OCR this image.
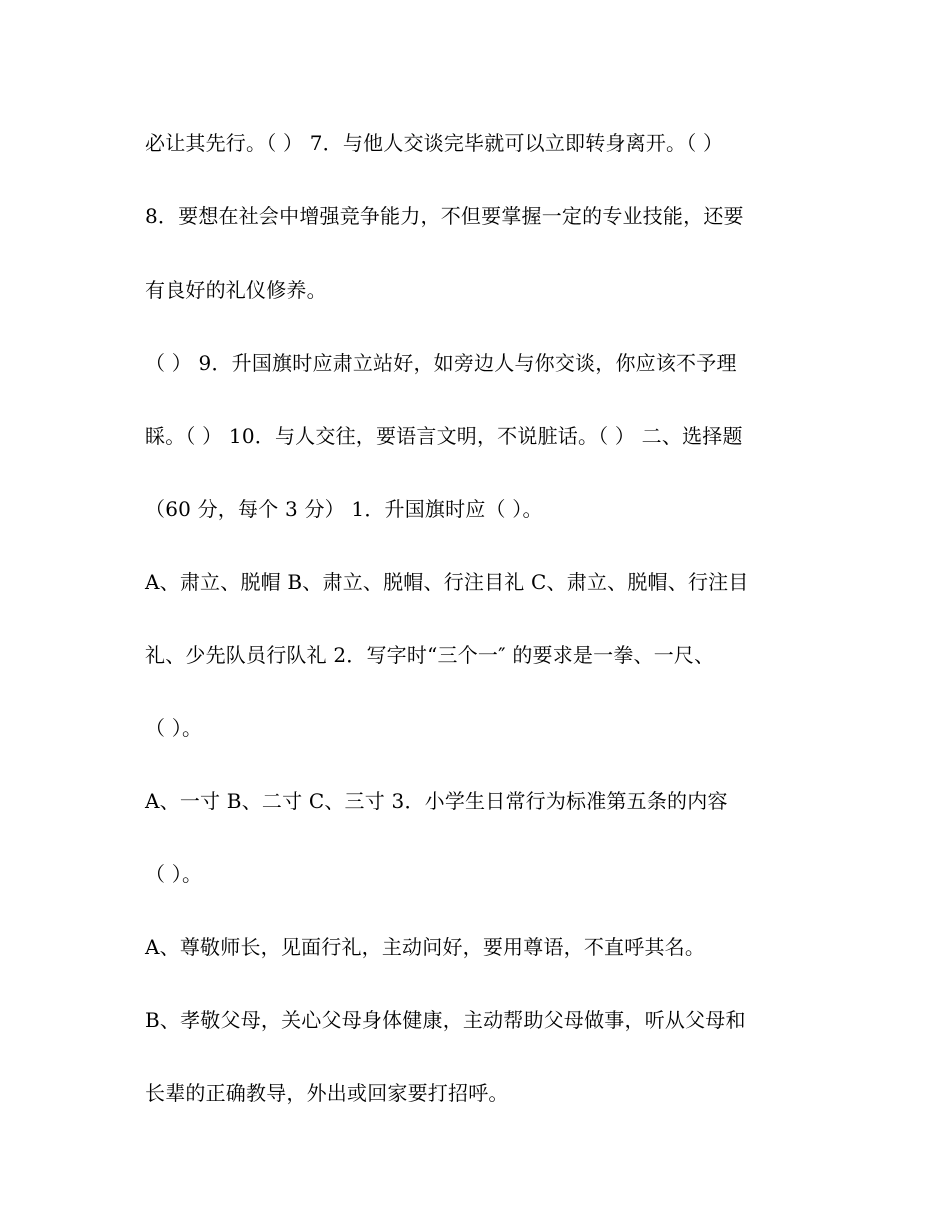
必让其先行。（ ） 7．与他人交谈完毕就可以立即转身离开。（ ）
8．要想在社会中增强竞争能力，不但要掌握一定的专业技能，还要
有良好的礼仪修养。
（ ） 9．升国旗时应肃立站好，如旁边人与你交谈，你应该不予理
睬。（ ） 10．与人交往，要语言文明，不说脏话。（ ） 二、选择题
（60 分，每个 3 分） 1．升国旗时应（ ）。
A、肃立、脱帽 B、肃立、脱帽、行注目礼 C、肃立、脱帽、行注目
礼、少先队员行队礼 2．写字时“三个一″ 的要求是一拳、一尺、
（ ）。
A、一寸 B、二寸 C、三寸 3．小学生日常行为标准第五条的内容
（ ）。
A、尊敬师长，见面行礼，主动问好，要用尊语，不直呼其名。
B、孝敬父母，关心父母身体健康，主动帮助父母做事，听从父母和
长辈的正确教导，外出或回家要打招呼。
